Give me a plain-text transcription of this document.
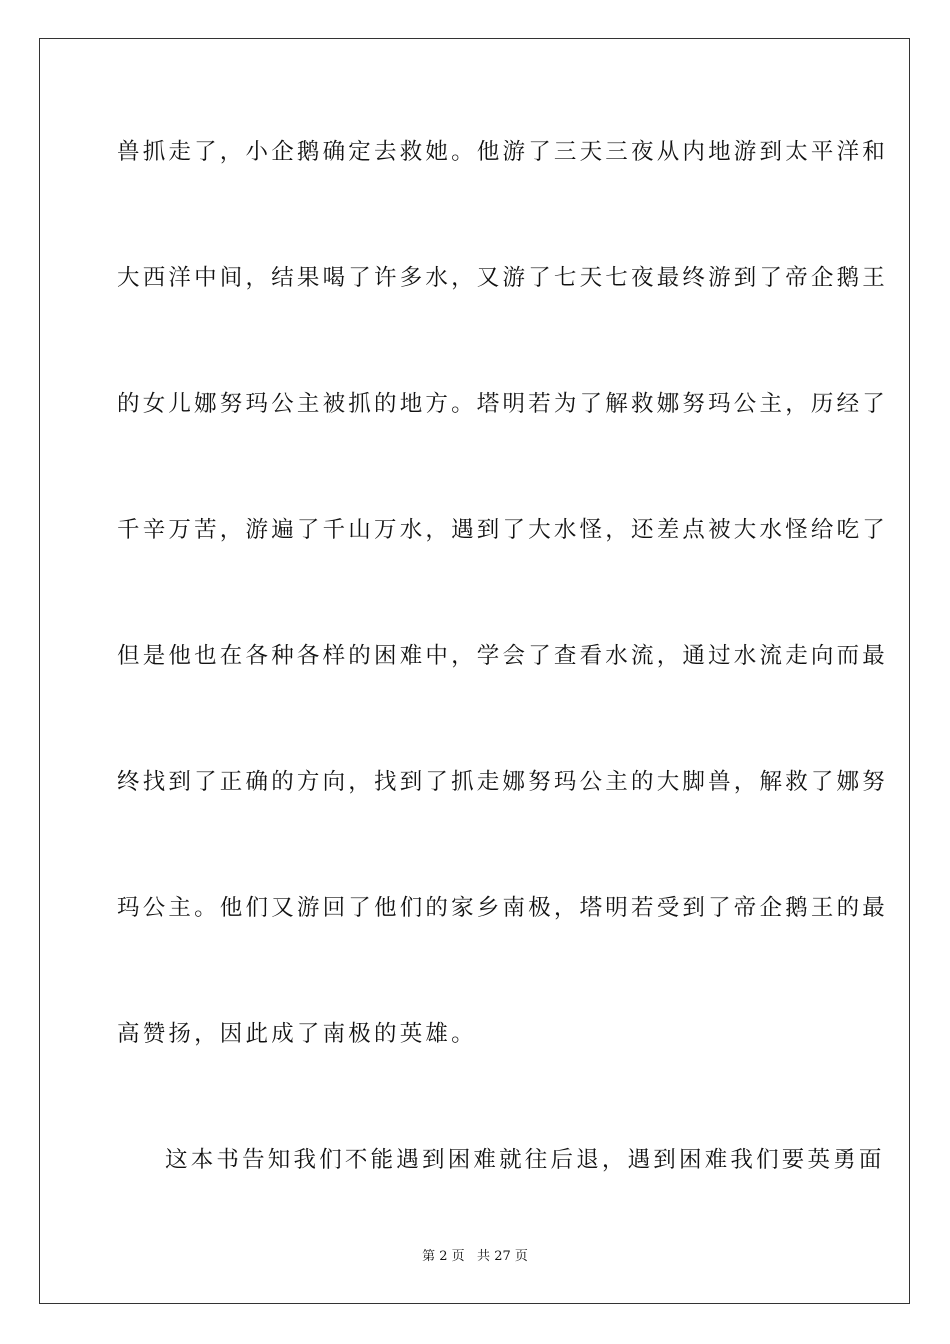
兽抓走了，小企鹅确定去救她。他游了三天三夜从内地游到太平洋和
大西洋中间，结果喝了许多水，又游了七天七夜最终游到了帝企鹅王
的女儿娜努玛公主被抓的地方。塔明若为了解救娜努玛公主，历经了
千辛万苦，游遍了千山万水，遇到了大水怪，还差点被大水怪给吃了
但是他也在各种各样的困难中，学会了查看水流，通过水流走向而最
终找到了正确的方向，找到了抓走娜努玛公主的大脚兽，解救了娜努
玛公主。他们又游回了他们的家乡南极，塔明若受到了帝企鹅王的最
高赞扬，因此成了南极的英雄。
这本书告知我们不能遇到困难就往后退，遇到困难我们要英勇面
第 2 页   共 27 页
